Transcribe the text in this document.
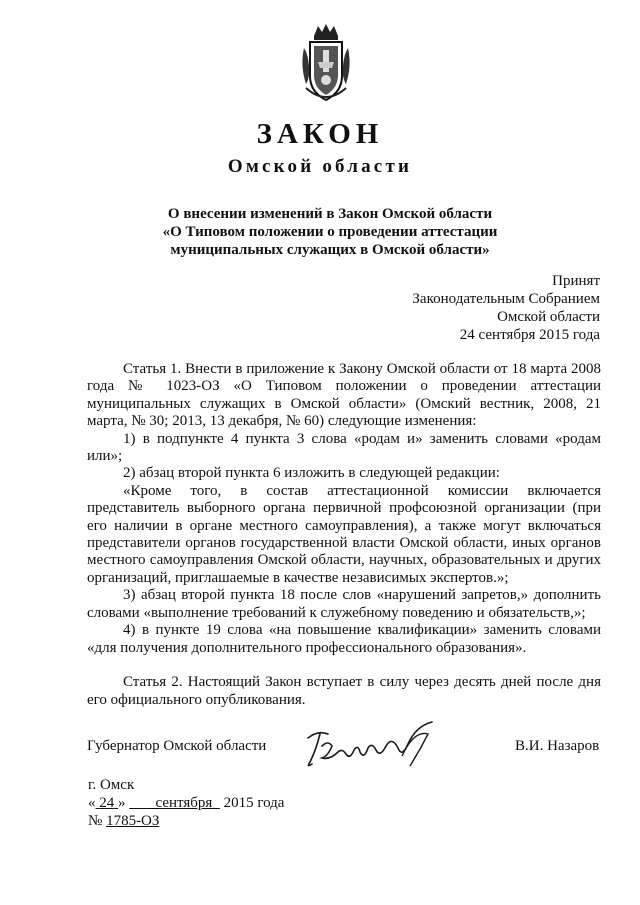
ЗАКОН
Омской области
О внесении изменений в Закон Омской области
«О Типовом положении о проведении аттестации
муниципальных служащих в Омской области»
Принят
Законодательным Собранием
Омской области
24 сентября 2015 года

Статья 1. Внести в приложение к Закону Омской области от 18 марта 2008 года № 1023-ОЗ «О Типовом положении о проведении аттестации муниципальных служащих в Омской области» (Омский вестник, 2008, 21 марта, № 30; 2013, 13 декабря, № 60) следующие изменения:

1) в подпункте 4 пункта 3 слова «родам и» заменить словами «родам или»;

2) абзац второй пункта 6 изложить в следующей редакции:

«Кроме того, в состав аттестационной комиссии включается представитель выборного органа первичной профсоюзной организации (при его наличии в органе местного самоуправления), а также могут включаться представители органов государственной власти Омской области, иных органов местного самоуправления Омской области, научных, образовательных и других организаций, приглашаемые в качестве независимых экспертов.»;

3) абзац второй пункта 18 после слов «нарушений запретов,» дополнить словами «выполнение требований к служебному поведению и обязательств,»;

4) в пункте 19 слова «на повышение квалификации» заменить словами «для получения дополнительного профессионального образования».

Статья 2. Настоящий Закон вступает в силу через десять дней после дня его официального опубликования.

Губернатор Омской области	В.И. Назаров
г. Омск
« 24 » сентября 2015 года
№ 1785-ОЗ
